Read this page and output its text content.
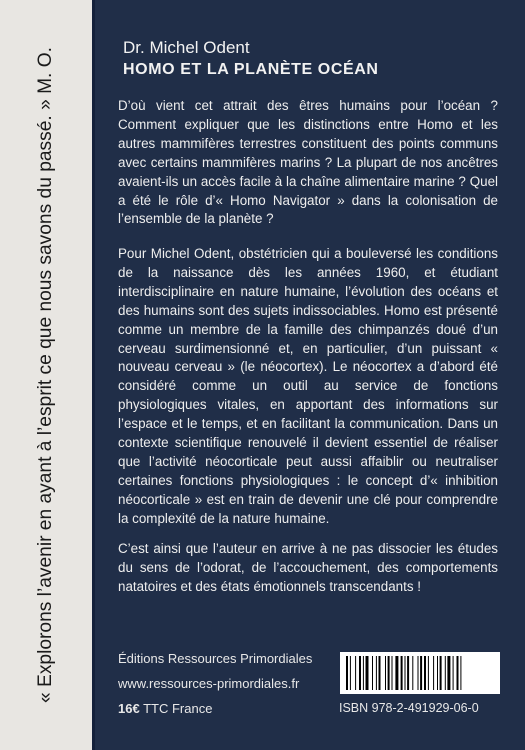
« Explorons l’avenir en ayant à l’esprit ce que nous savons du passé. » M. O.	Dr. Michel Odent
HOMO ET LA PLANÈTE OCÉAN
D’où vient cet attrait des êtres humains pour l’océan ? Comment expliquer que les distinctions entre Homo et les autres mammifères terrestres constituent des points communs avec certains mammifères marins ? La plupart de nos ancêtres avaient-ils un accès facile à la chaîne alimentaire marine ? Quel a été le rôle d’« Homo Navigator » dans la colonisation de l’ensemble de la planète ?
Pour Michel Odent, obstétricien qui a bouleversé les conditions de la naissance dès les années 1960, et étudiant interdisciplinaire en nature humaine, l’évolution des océans et des humains sont des sujets indissociables. Homo est présenté comme un membre de la famille des chimpanzés doué d’un cerveau surdimensionné et, en particulier, d’un puissant « nouveau cerveau » (le néocortex). Le néocortex a d’abord été considéré comme un outil au service de fonctions physiologiques vitales, en apportant des informations sur l’espace et le temps, et en facilitant la communication. Dans un contexte scientifique renouvelé il devient essentiel de réaliser que l’activité néocorticale peut aussi affaiblir ou neutraliser certaines fonctions physiologiques : le concept d’« inhibition néocorticale » est en train de devenir une clé pour comprendre la complexité de la nature humaine.
C’est ainsi que l’auteur en arrive à ne pas dissocier les études du sens de l’odorat, de l’accouchement, des comportements natatoires et des états émotionnels transcendants !
Éditions Ressources Primordiales
www.ressources-primordiales.fr
16€ TTC France	ISBN 978-2-491929-06-0
